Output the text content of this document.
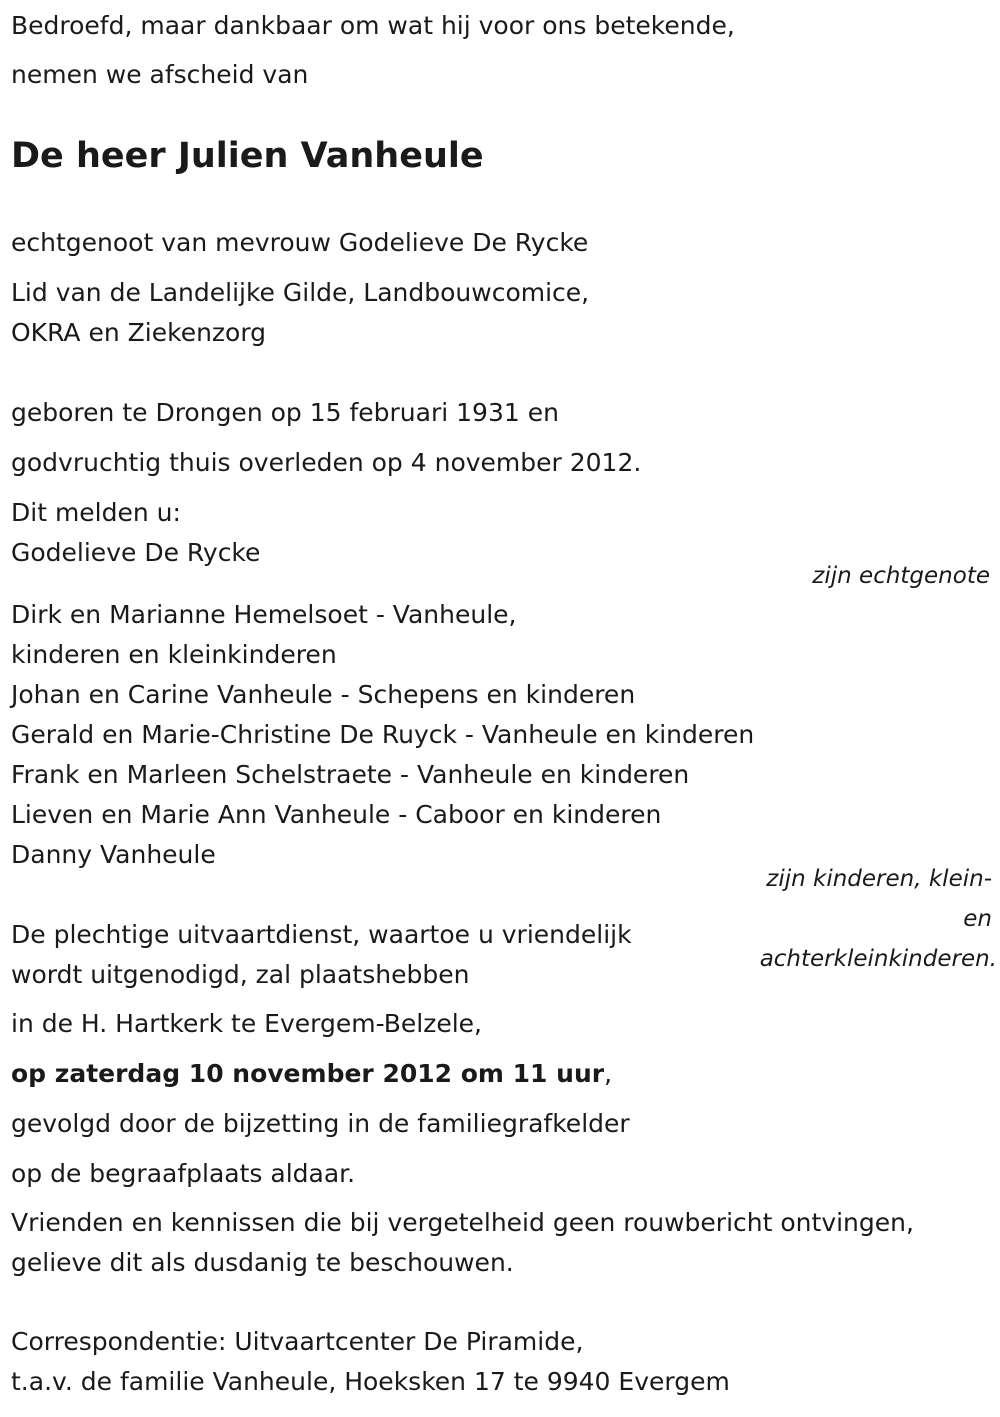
Bedroefd, maar dankbaar om wat hij voor ons betekende,

nemen we afscheid van

De heer Julien Vanheule

echtgenoot van mevrouw Godelieve De Rycke

Lid van de Landelijke Gilde, Landbouwcomice,

OKRA en Ziekenzorg

geboren te Drongen op 15 februari 1931 en

godvruchtig thuis overleden op 4 november 2012.

Dit melden u:

Godelieve De Rycke

zijn echtgenote

Dirk en Marianne Hemelsoet - Vanheule,

kinderen en kleinkinderen

Johan en Carine Vanheule - Schepens en kinderen

Gerald en Marie-Christine De Ruyck - Vanheule en kinderen

Frank en Marleen Schelstraete - Vanheule en kinderen

Lieven en Marie Ann Vanheule - Caboor en kinderen

Danny Vanheule

zijn kinderen, klein-
en
achterkleinkinderen.

De plechtige uitvaartdienst, waartoe u vriendelijk

wordt uitgenodigd, zal plaatshebben

in de H. Hartkerk te Evergem-Belzele,

op zaterdag 10 november 2012 om 11 uur,

gevolgd door de bijzetting in de familiegrafkelder

op de begraafplaats aldaar.

Vrienden en kennissen die bij vergetelheid geen rouwbericht ontvingen,

gelieve dit als dusdanig te beschouwen.

Correspondentie: Uitvaartcenter De Piramide,

t.a.v. de familie Vanheule, Hoeksken 17 te 9940 Evergem
